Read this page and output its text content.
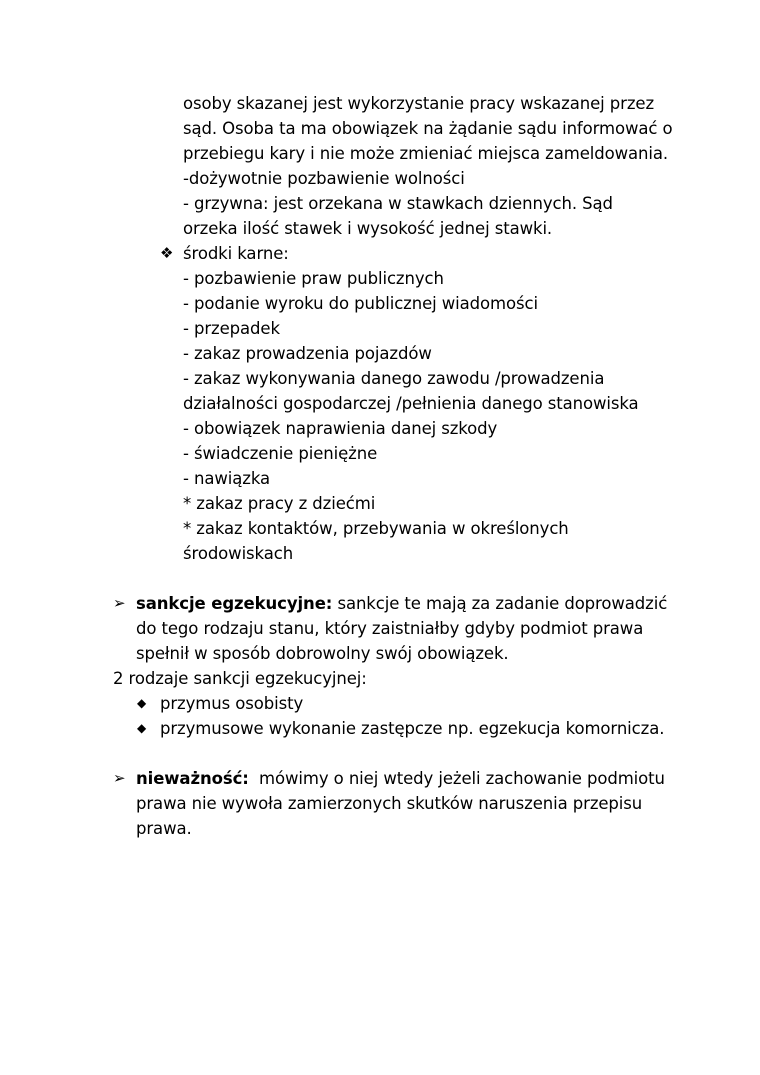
osoby skazanej jest wykorzystanie pracy wskazanej przez
sąd. Osoba ta ma obowiązek na żądanie sądu informować o
przebiegu kary i nie może zmieniać miejsca zameldowania.
-dożywotnie pozbawienie wolności
- grzywna: jest orzekana w stawkach dziennych. Sąd
orzeka ilość stawek i wysokość jednej stawki.
❖ środki karne:
- pozbawienie praw publicznych
- podanie wyroku do publicznej wiadomości
- przepadek
- zakaz prowadzenia pojazdów
- zakaz wykonywania danego zawodu /prowadzenia
działalności gospodarczej /pełnienia danego stanowiska
- obowiązek naprawienia danej szkody
- świadczenie pieniężne
- nawiązka
* zakaz pracy z dziećmi
* zakaz kontaktów, przebywania w określonych
środowiskach
➢ sankcje egzekucyjne: sankcje te mają za zadanie doprowadzić
do tego rodzaju stanu, który zaistniałby gdyby podmiot prawa
spełnił w sposób dobrowolny swój obowiązek.
2 rodzaje sankcji egzekucyjnej:
◆ przymus osobisty
◆ przymusowe wykonanie zastępcze np. egzekucja komornicza.
➢ nieważność:  mówimy o niej wtedy jeżeli zachowanie podmiotu
prawa nie wywoła zamierzonych skutków naruszenia przepisu
prawa.
